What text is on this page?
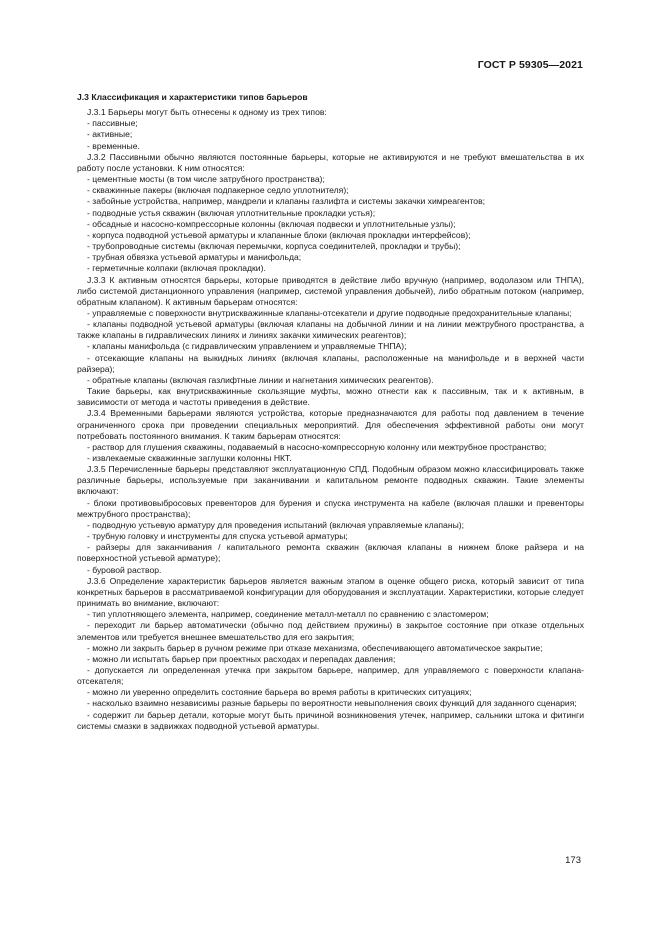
ГОСТ Р 59305—2021

J.3 Классификация и характеристики типов барьеров

J.3.1 Барьеры могут быть отнесены к одному из трех типов:

- пассивные;

- активные;

- временные.

J.3.2 Пассивными обычно являются постоянные барьеры, которые не активируются и не требуют вмешательства в их работу после установки. К ним относятся:

- цементные мосты (в том числе затрубного пространства);

- скважинные пакеры (включая подпакерное седло уплотнителя);

- забойные устройства, например, мандрели и клапаны газлифта и системы закачки химреагентов;

- подводные устья скважин (включая уплотнительные прокладки устья);

- обсадные и насосно-компрессорные колонны (включая подвески и уплотнительные узлы);

- корпуса подводной устьевой арматуры и клапанные блоки (включая прокладки интерфейсов);

- трубопроводные системы (включая перемычки, корпуса соединителей, прокладки и трубы);

- трубная обвязка устьевой арматуры и манифольда;

- герметичные колпаки (включая прокладки).

J.3.3 К активным относятся барьеры, которые приводятся в действие либо вручную (например, водолазом или ТНПА), либо системой дистанционного управления (например, системой управления добычей), либо обратным потоком (например, обратным клапаном). К активным барьерам относятся:

- управляемые с поверхности внутрискважинные клапаны-отсекатели и другие подводные предохранительные клапаны;

- клапаны подводной устьевой арматуры (включая клапаны на добычной линии и на линии межтрубного пространства, а также клапаны в гидравлических линиях и линиях закачки химических реагентов);

- клапаны манифольда (с гидравлическим управлением и управляемые ТНПА);

- отсекающие клапаны на выкидных линиях (включая клапаны, расположенные на манифольде и в верхней части райзера);

- обратные клапаны (включая газлифтные линии и нагнетания химических реагентов).

Такие барьеры, как внутрискважинные скользящие муфты, можно отнести как к пассивным, так и к активным, в зависимости от метода и частоты приведения в действие.

J.3.4 Временными барьерами являются устройства, которые предназначаются для работы под давлением в течение ограниченного срока при проведении специальных мероприятий. Для обеспечения эффективной работы они могут потребовать постоянного внимания. К таким барьерам относятся:

- раствор для глушения скважины, подаваемый в насосно-компрессорную колонну или межтрубное пространство;

- извлекаемые скважинные заглушки колонны НКТ.

J.3.5 Перечисленные барьеры представляют эксплуатационную СПД. Подобным образом можно классифицировать также различные барьеры, используемые при заканчивании и капитальном ремонте подводных скважин. Такие элементы включают:

- блоки противовыбросовых превенторов для бурения и спуска инструмента на кабеле (включая плашки и превенторы межтрубного пространства);

- подводную устьевую арматуру для проведения испытаний (включая управляемые клапаны);

- трубную головку и инструменты для спуска устьевой арматуры;

- райзеры для заканчивания / капитального ремонта скважин (включая клапаны в нижнем блоке райзера и на поверхностной устьевой арматуре);

- буровой раствор.

J.3.6 Определение характеристик барьеров является важным этапом в оценке общего риска, который зависит от типа конкретных барьеров в рассматриваемой конфигурации для оборудования и эксплуатации. Характеристики, которые следует принимать во внимание, включают:

- тип уплотняющего элемента, например, соединение металл-металл по сравнению с эластомером;

- переходит ли барьер автоматически (обычно под действием пружины) в закрытое состояние при отказе отдельных элементов или требуется внешнее вмешательство для его закрытия;

- можно ли закрыть барьер в ручном режиме при отказе механизма, обеспечивающего автоматическое закрытие;

- можно ли испытать барьер при проектных расходах и перепадах давления;

- допускается ли определенная утечка при закрытом барьере, например, для управляемого с поверхности клапана-отсекателя;

- можно ли уверенно определить состояние барьера во время работы в критических ситуациях;

- насколько взаимно независимы разные барьеры по вероятности невыполнения своих функций для заданного сценария;

- содержит ли барьер детали, которые могут быть причиной возникновения утечек, например, сальники штока и фитинги системы смазки в задвижках подводной устьевой арматуры.

173
